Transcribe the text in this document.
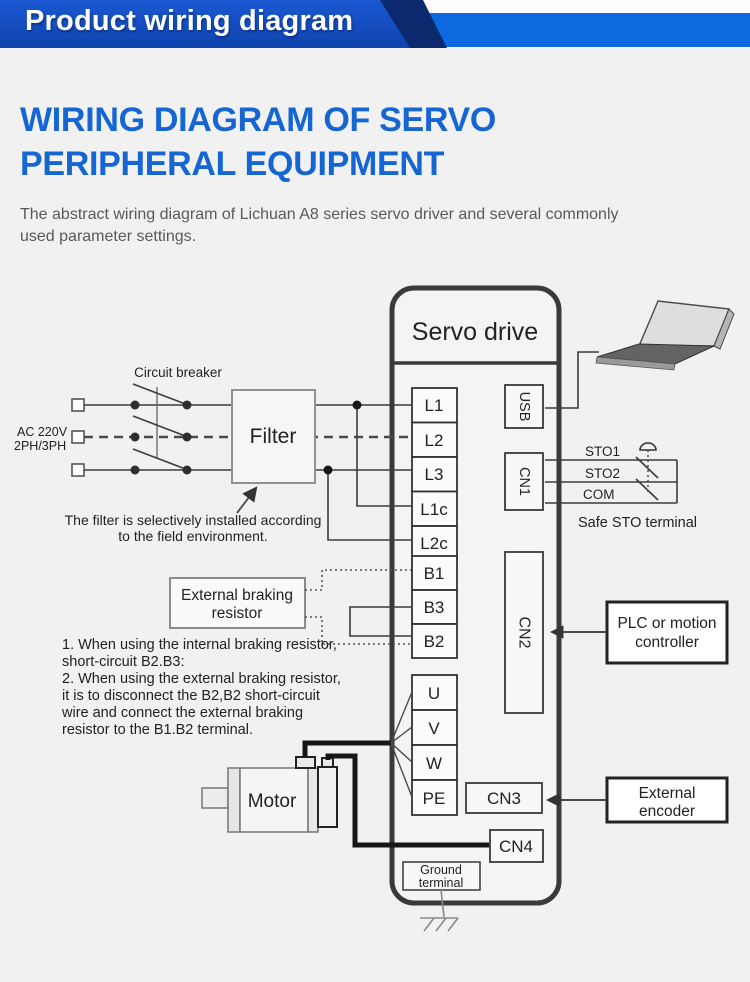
Product wiring diagram
WIRING DIAGRAM OF SERVO
PERIPHERAL EQUIPMENT
The abstract wiring diagram of Lichuan A8 series servo driver and several commonly
used parameter settings.
Servo drive
AC 220V
2PH/3PH
Circuit breaker
Filter
The filter is selectively installed according
to the field environment.
External braking
resistor
1. When using the internal braking resistor,
short-circuit B2.B3:
2. When using the external braking resistor,
it is to disconnect the B2,B2 short-circuit
wire and connect the external braking
resistor to the B1.B2 terminal.
L1
L2
L3
L1c
L2c
B1
B3
B2
U
V
W
PE
USB
CN1
CN2
CN3
CN4
Ground
terminal
Motor
STO1
STO2
COM
Safe STO terminal
PLC or motion
controller
External
encoder
